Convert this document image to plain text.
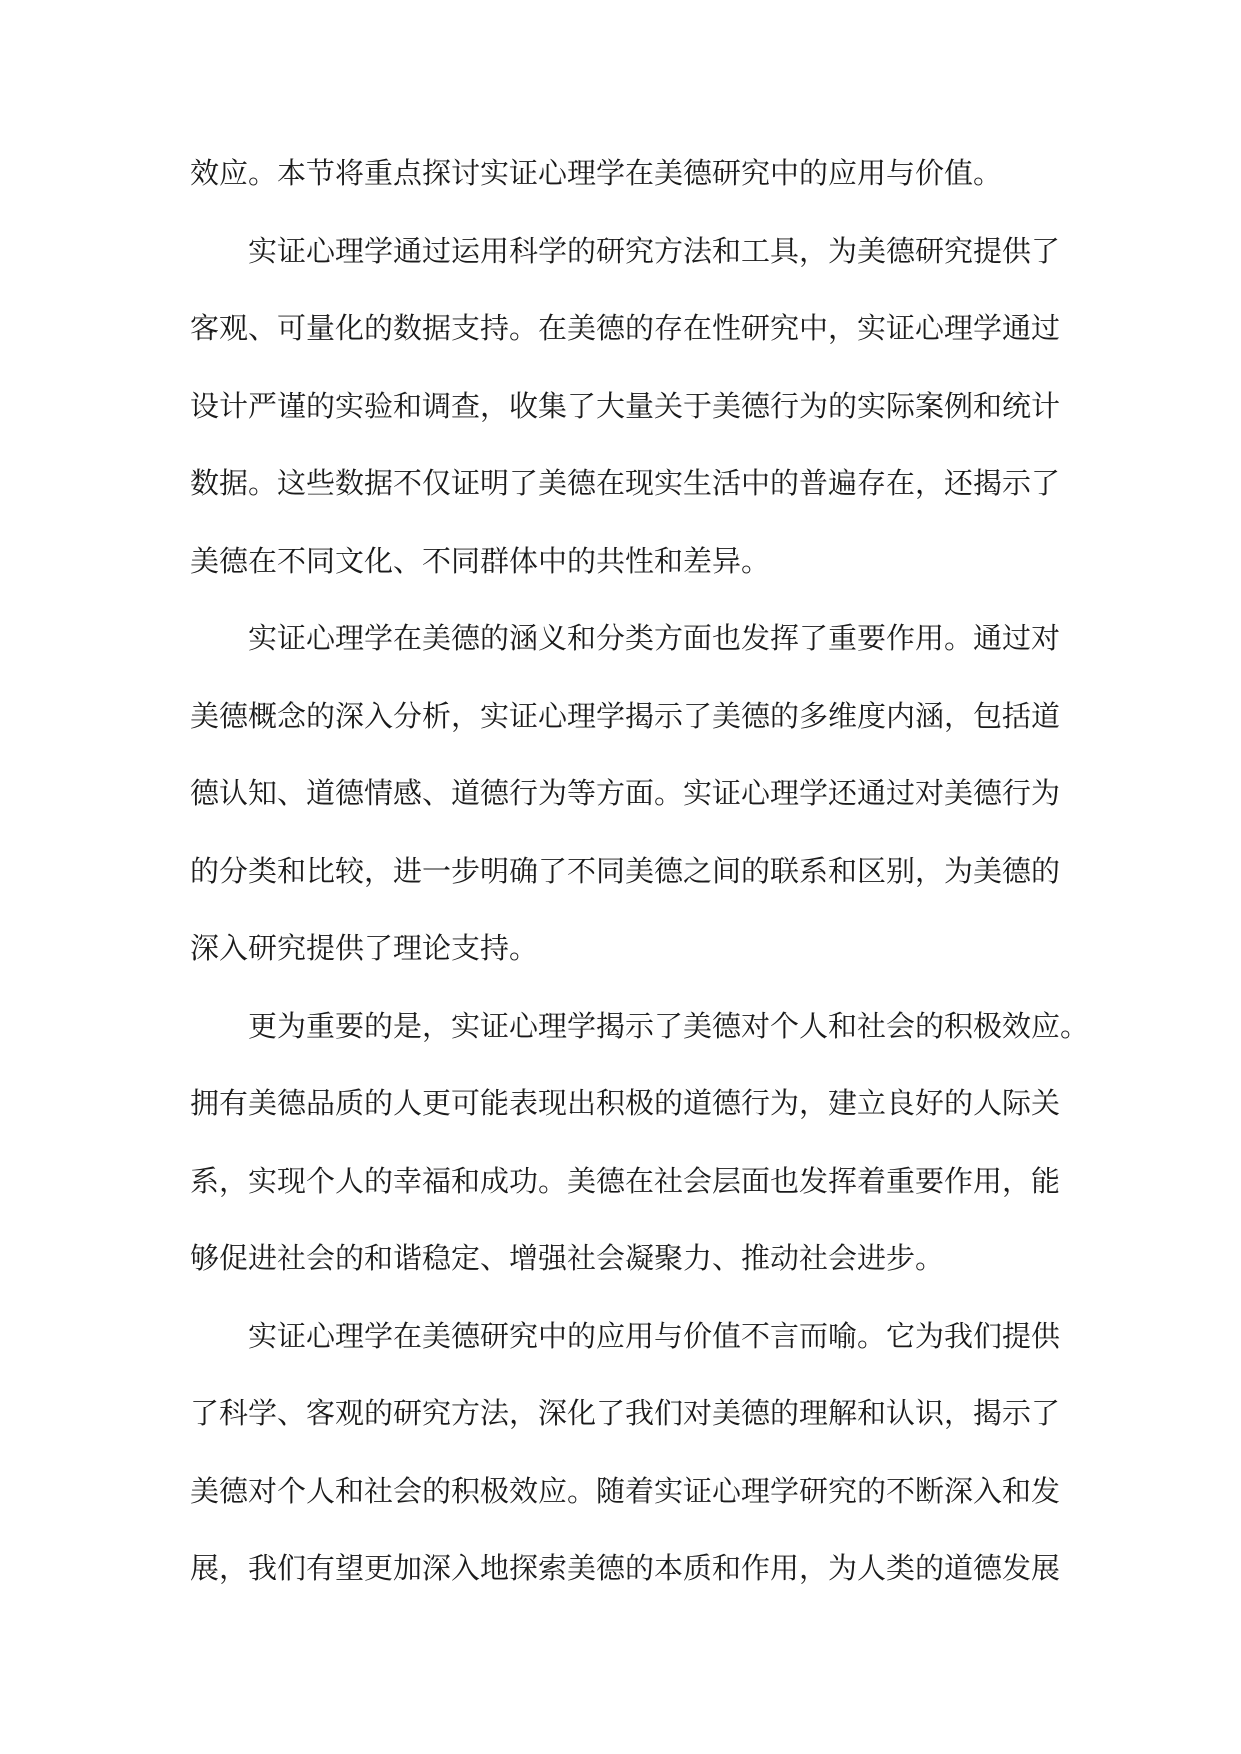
效应。本节将重点探讨实证心理学在美德研究中的应用与价值。
实证心理学通过运用科学的研究方法和工具，为美德研究提供了
客观、可量化的数据支持。在美德的存在性研究中，实证心理学通过
设计严谨的实验和调查，收集了大量关于美德行为的实际案例和统计
数据。这些数据不仅证明了美德在现实生活中的普遍存在，还揭示了
美德在不同文化、不同群体中的共性和差异。
实证心理学在美德的涵义和分类方面也发挥了重要作用。通过对
美德概念的深入分析，实证心理学揭示了美德的多维度内涵，包括道
德认知、道德情感、道德行为等方面。实证心理学还通过对美德行为
的分类和比较，进一步明确了不同美德之间的联系和区别，为美德的
深入研究提供了理论支持。
更为重要的是，实证心理学揭示了美德对个人和社会的积极效应。
拥有美德品质的人更可能表现出积极的道德行为，建立良好的人际关
系，实现个人的幸福和成功。美德在社会层面也发挥着重要作用，能
够促进社会的和谐稳定、增强社会凝聚力、推动社会进步。
实证心理学在美德研究中的应用与价值不言而喻。它为我们提供
了科学、客观的研究方法，深化了我们对美德的理解和认识，揭示了
美德对个人和社会的积极效应。随着实证心理学研究的不断深入和发
展，我们有望更加深入地探索美德的本质和作用，为人类的道德发展
